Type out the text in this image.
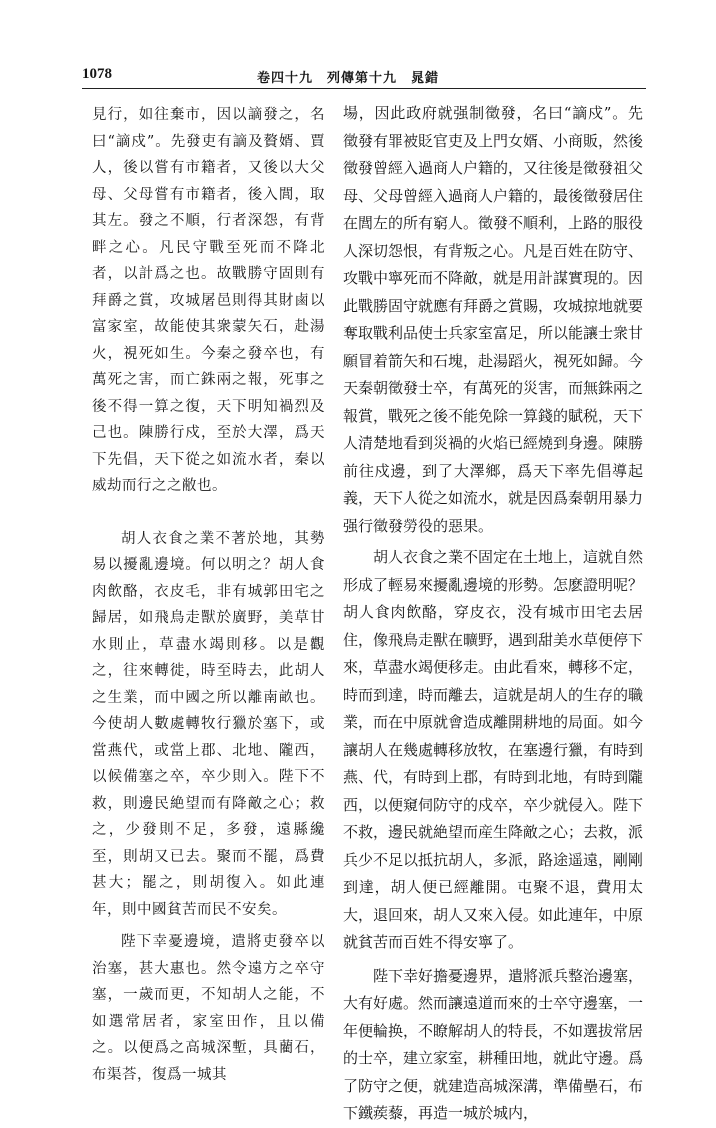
1078	卷四十九　列傳第十九　晁錯

見行，如往棄市，因以謫發之，名曰“謫戍”。先發吏有謫及贅婿、賈人，後以嘗有市籍者，又後以大父母、父母嘗有市籍者，後入閭，取其左。發之不順，行者深怨，有背畔之心。凡民守戰至死而不降北者，以計爲之也。故戰勝守固則有拜爵之賞，攻城屠邑則得其財鹵以富家室，故能使其衆蒙矢石，赴湯火，視死如生。今秦之發卒也，有萬死之害，而亡銖兩之報，死事之後不得一算之復，天下明知禍烈及己也。陳勝行戍，至於大澤，爲天下先倡，天下從之如流水者，秦以威劫而行之之敝也。

胡人衣食之業不著於地，其勢易以擾亂邊境。何以明之？胡人食肉飲酪，衣皮毛，非有城郭田宅之歸居，如飛鳥走獸於廣野，美草甘水則止，草盡水竭則移。以是觀之，往來轉徙，時至時去，此胡人之生業，而中國之所以離南畝也。今使胡人數處轉牧行獵於塞下，或當燕代，或當上郡、北地、隴西，以候備塞之卒，卒少則入。陛下不救，則邊民絶望而有降敵之心；救之，少發則不足，多發，遠縣纔至，則胡又已去。聚而不罷，爲費甚大；罷之，則胡復入。如此連年，則中國貧苦而民不安矣。

陛下幸憂邊境，遣將吏發卒以治塞，甚大惠也。然令遠方之卒守塞，一歲而更，不知胡人之能，不如選常居者，家室田作，且以備之。以便爲之高城深塹，具藺石，布渠荅，復爲一城其

場，因此政府就强制徵發，名曰“謫戍”。先徵發有罪被貶官吏及上門女婿、小商販，然後徵發曾經入過商人户籍的，又往後是徵發祖父母、父母曾經入過商人户籍的，最後徵發居住在閭左的所有窮人。徵發不順利，上路的服役人深切怨恨，有背叛之心。凡是百姓在防守、攻戰中寧死而不降敵，就是用計謀實現的。因此戰勝固守就應有拜爵之賞賜，攻城掠地就要奪取戰利品使士兵家室富足，所以能讓士衆甘願冒着箭矢和石塊，赴湯蹈火，視死如歸。今天秦朝徵發士卒，有萬死的災害，而無銖兩之報賞，戰死之後不能免除一算錢的賦税，天下人清楚地看到災禍的火焰已經燒到身邊。陳勝前往戍邊，到了大澤鄉，爲天下率先倡導起義，天下人從之如流水，就是因爲秦朝用暴力强行徵發勞役的惡果。

胡人衣食之業不固定在土地上，這就自然形成了輕易來擾亂邊境的形勢。怎麽證明呢？胡人食肉飲酪，穿皮衣，没有城市田宅去居住，像飛鳥走獸在曠野，遇到甜美水草便停下來，草盡水竭便移走。由此看來，轉移不定，時而到達，時而離去，這就是胡人的生存的職業，而在中原就會造成離開耕地的局面。如今讓胡人在幾處轉移放牧，在塞邊行獵，有時到燕、代，有時到上郡，有時到北地，有時到隴西，以便窺伺防守的戍卒，卒少就侵入。陛下不救，邊民就絶望而産生降敵之心；去救，派兵少不足以抵抗胡人，多派，路途遥遠，剛剛到達，胡人便已經離開。屯聚不退，費用太大，退回來，胡人又來入侵。如此連年，中原就貧苦而百姓不得安寧了。

陛下幸好擔憂邊界，遣將派兵整治邊塞，大有好處。然而讓遠道而來的士卒守邊塞，一年便輪换，不瞭解胡人的特長，不如選拔常居的士卒，建立家室，耕種田地，就此守邊。爲了防守之便，就建造高城深溝，準備壘石，布下鐵蒺藜，再造一城於城内，
